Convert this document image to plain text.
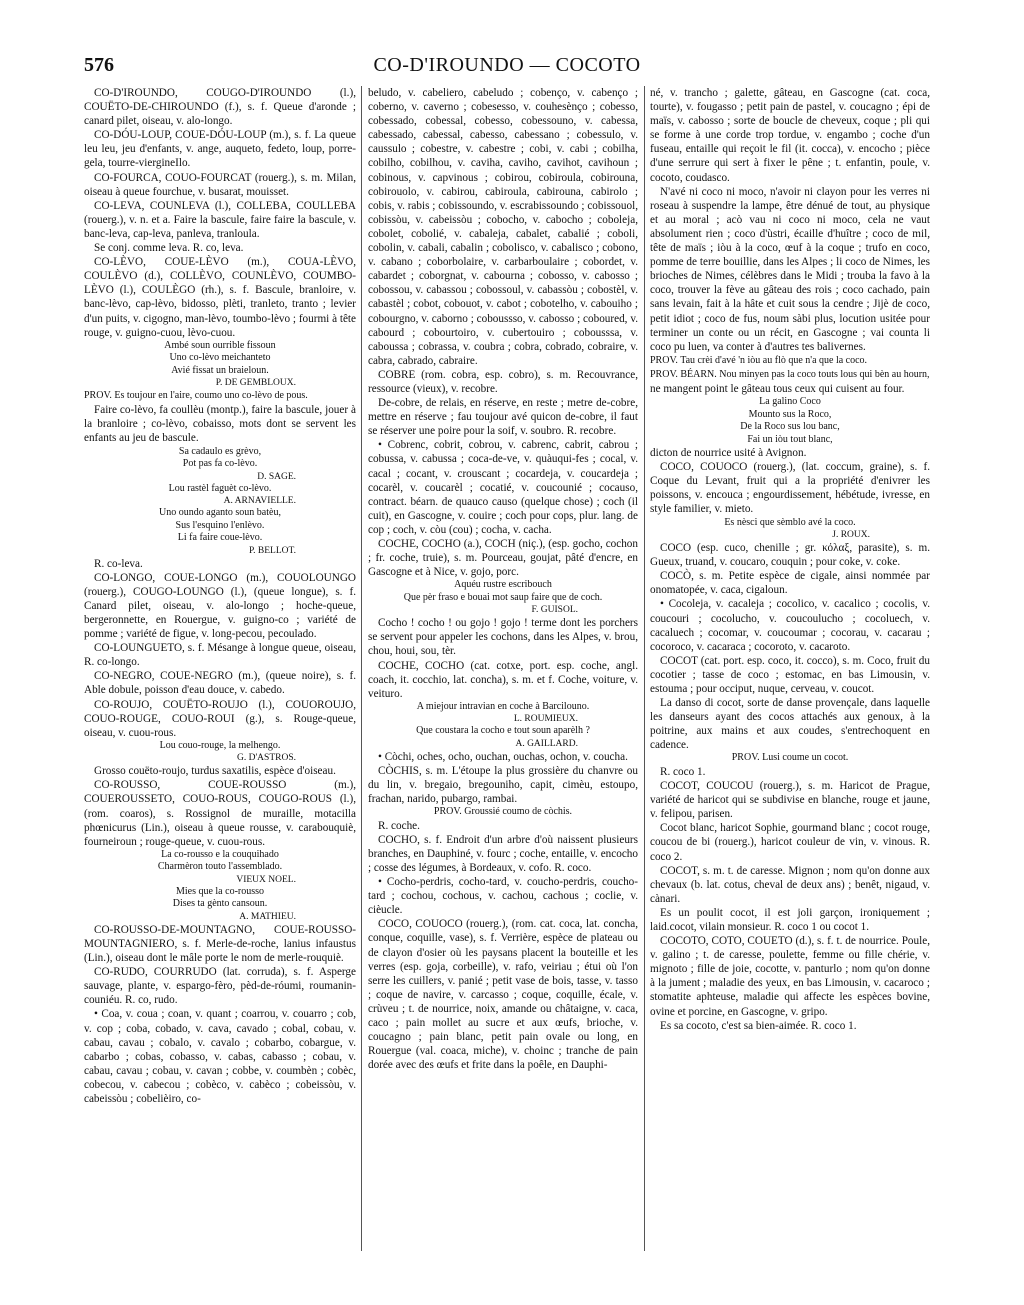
576	CO-D'IROUNDO — COCOTO

CO-D'IROUNDO, COUGO-D'IROUNDO (l.), COUËTO-DE-CHIROUNDO (f.), s. f. Queue d'aronde ; canard pilet, oiseau, v. alo-longo.

CO-DÓU-LOUP, COUE-DÓU-LOUP (m.), s. f. La queue leu leu, jeu d'enfants, v. ange, auqueto, fedeto, loup, porre-gela, tourre-viergineIlo.

CO-FOURCA, COUO-FOURCAT (rouerg.), s. m. Milan, oiseau à queue fourchue, v. busarat, mouisset.

CO-LEVA, COUNLEVA (l.), COLLEBA, COULLEBA (rouerg.), v. n. et a. Faire la bascule, faire faire la bascule, v. banc-leva, cap-leva, panleva, tranloula.

Se conj. comme leva. R. co, leva.

CO-LÈVO, COUE-LÈVO (m.), COUA-LÈVO, COULÈVO (d.), COLLÈVO, COUNLÈVO, COUMBO-LÈVO (l.), COULÈGO (rh.), s. f. Bascule, branloire, v. banc-lèvo, cap-lèvo, bidosso, plèti, tranleto, tranto ; levier d'un puits, v. cigogno, man-lèvo, toumbo-lèvo ; fourmi à tête rouge, v. guigno-cuou, lèvo-cuou.

Ambé soun ourrible fissoun

Uno co-lèvo meichanteto

Avié fissat un braieloun.

P. DE GEMBLOUX.

PROV. Es toujour en l'aire, coumo uno co-lèvo de pous.

Faire co-lèvo, fa coullèu (montp.), faire la bascule, jouer à la branloire ; co-lèvo, cobaisso, mots dont se servent les enfants au jeu de bascule.

Sa cadaulo es grèvo,

Pot pas fa co-lèvo.

D. SAGE.

Lou rastèl faguèt co-lèvo.

A. ARNAVIELLE.

Uno oundo aganto soun batèu,

Sus l'esquino l'enlèvo.

Li fa faire coue-lèvo.

P. BELLOT.

R. co-leva.

CO-LONGO, COUE-LONGO (m.), COUOLOUNGO (rouerg.), COUGO-LOUNGO (l.), (queue longue), s. f. Canard pilet, oiseau, v. alo-longo ; hoche-queue, bergeronnette, en Rouergue, v. guigno-co ; variété de pomme ; variété de figue, v. long-pecou, pecoulado.

CO-LOUNGUETO, s. f. Mésange à longue queue, oiseau, R. co-longo.

CO-NEGRO, COUE-NEGRO (m.), (queue noire), s. f. Able dobule, poisson d'eau douce, v. cabedo.

CO-ROUJO, COUËTO-ROUJO (l.), COUOROUJO, COUO-ROUGE, COUO-ROUI (g.), s. Rouge-queue, oiseau, v. cuou-rous.

Lou couo-rouge, la melhengo.

G. D'ASTROS.

Grosso couëto-roujo, turdus saxatilis, espèce d'oiseau.

CO-ROUSSO, COUE-ROUSSO (m.), COUEROUSSETO, COUO-ROUS, COUGO-ROUS (l.), (rom. coaros), s. Rossignol de muraille, motacilla phœnicurus (Lin.), oiseau à queue rousse, v. carabouquiè, fourneiroun ; rouge-queue, v. cuou-rous.

La co-rousso e la couquihado

Charmèron touto l'assemblado.

VIEUX NOEL.

Mies que la co-rousso

Dises ta gènto cansoun.

A. MATHIEU.

CO-ROUSSO-DE-MOUNTAGNO, COUE-ROUSSO-MOUNTAGNIERO, s. f. Merle-de-roche, lanius infaustus (Lin.), oiseau dont le mâle porte le nom de merle-rouquiè.

CO-RUDO, COURRUDO (lat. corruda), s. f. Asperge sauvage, plante, v. espargo-fèro, pèd-de-róumi, roumanin-couniéu. R. co, rudo.

• Coa, v. coua ; coan, v. quant ; coarrou, v. couarro ; cob, v. cop ; coba, cobado, v. cava, cavado ; cobal, cobau, v. cabau, cavau ; cobalo, v. cavalo ; cobarbo, cobargue, v. cabarbo ; cobas, cobasso, v. cabas, cabasso ; cobau, v. cabau, cavau ; cobau, v. cavan ; cobbe, v. coumbèn ; cobèc, cobecou, v. cabecou ; cobèco, v. cabèco ; cobeissòu, v. cabeissòu ; cobelièiro, co-

beludo, v. cabeliero, cabeludo ; cobenço, v. cabenço ; coberno, v. caverno ; cobesesso, v. couhesènço ; cobesso, cobessado, cobessal, cobesso, cobessouno, v. cabessa, cabessado, cabessal, cabesso, cabessano ; cobessulo, v. caussulo ; cobestre, v. cabestre ; cobi, v. cabi ; cobilha, cobilho, cobilhou, v. caviha, caviho, cavihot, cavihoun ; cobinous, v. capvinous ; cobirou, cobiroula, cobirouna, cobirouolo, v. cabirou, cabiroula, cabirouna, cabirolo ; cobis, v. rabis ; cobissoundo, v. escrabissoundo ; cobissouol, cobissòu, v. cabeissòu ; cobocho, v. cabocho ; coboleja, cobolet, cobolié, v. cabaleja, cabalet, cabalié ; coboli, cobolin, v. cabali, cabalin ; cobolisco, v. cabalisco ; cobono, v. cabano ; coborbolaire, v. carbarboulaire ; cobordet, v. cabardet ; coborgnat, v. cabourna ; cobosso, v. cabosso ; cobossou, v. cabassou ; cobossoul, v. cabassòu ; cobostèl, v. cabastèl ; cobot, cobouot, v. cabot ; cobotelho, v. cabouiho ; cobourgno, v. caborno ; coboussso, v. cabosso ; coboured, v. cabourd ; cobourtoiro, v. cubertouiro ; cobousssa, v. caboussa ; cobrassa, v. coubra ; cobra, cobrado, cobraire, v. cabra, cabrado, cabraire.

COBRE (rom. cobra, esp. cobro), s. m. Recouvrance, ressource (vieux), v. recobre.

De-cobre, de relais, en réserve, en reste ; metre de-cobre, mettre en réserve ; fau toujour avé quicon de-cobre, il faut se réserver une poire pour la soif, v. soubro. R. recobre.

• Cobrenc, cobrit, cobrou, v. cabrenc, cabrit, cabrou ; cobussa, v. cabussa ; coca-de-ve, v. quàuqui-fes ; cocal, v. cacal ; cocant, v. crouscant ; cocardeja, v. coucardeja ; cocarèl, v. coucarèl ; cocatié, v. coucounié ; cocauso, contract. béarn. de quauco causo (quelque chose) ; coch (il cuit), en Gascogne, v. couire ; coch pour cops, plur. lang. de cop ; coch, v. còu (cou) ; cocha, v. cacha.

COCHE, COCHO (a.), COCH (niç.), (esp. gocho, cochon ; fr. coche, truie), s. m. Pourceau, goujat, pâté d'encre, en Gascogne et à Nice, v. gojo, porc.

Aquéu rustre escribouch

Que pèr fraso e bouai mot saup faire que de coch.

F. GUISOL.

Cocho ! cocho ! ou gojo ! gojo ! terme dont les porchers se servent pour appeler les cochons, dans les Alpes, v. brou, chou, houi, sou, tèr.

COCHE, COCHO (cat. cotxe, port. esp. coche, angl. coach, it. cocchio, lat. concha), s. m. et f. Coche, voiture, v. veituro.

A miejour intravian en coche à Barcilouno.

L. ROUMIEUX.

Que coustara la cocho e tout soun aparèlh ?

A. GAILLARD.

• Còchi, oches, ocho, ouchan, ouchas, ochon, v. coucha.

CÒCHIS, s. m. L'étoupe la plus grossière du chanvre ou du lin, v. bregaio, bregouniho, capit, cimèu, estoupo, frachan, narido, pubargo, rambai.

PROV. Groussié coumo de còchis.

R. coche.

COCHO, s. f. Endroit d'un arbre d'où naissent plusieurs branches, en Dauphiné, v. fourc ; coche, entaille, v. encocho ; cosse des légumes, à Bordeaux, v. cofo. R. coco.

• Cocho-perdris, cocho-tard, v. coucho-perdris, coucho-tard ; cochou, cochous, v. cachou, cachous ; coclie, v. cièucle.

COCO, COUOCO (rouerg.), (rom. cat. coca, lat. concha, conque, coquille, vase), s. f. Verrière, espèce de plateau ou de clayon d'osier où les paysans placent la bouteille et les verres (esp. goja, corbeille), v. rafo, veiriau ; étui où l'on serre les cuillers, v. panié ; petit vase de bois, tasse, v. tasso ; coque de navire, v. carcasso ; coque, coquille, écale, v. crùveu ; t. de nourrice, noix, amande ou châtaigne, v. caca, caco ; pain mollet au sucre et aux œufs, brioche, v. coucagno ; pain blanc, petit pain ovale ou long, en Rouergue (val. coaca, miche), v. choinc ; tranche de pain dorée avec des œufs et frite dans la poêle, en Dauphi-

né, v. trancho ; galette, gâteau, en Gascogne (cat. coca, tourte), v. fougasso ; petit pain de pastel, v. coucagno ; épi de maïs, v. cabosso ; sorte de boucle de cheveux, coque ; pli qui se forme à une corde trop tordue, v. engambo ; coche d'un fuseau, entaille qui reçoit le fil (it. cocca), v. encocho ; pièce d'une serrure qui sert à fixer le pêne ; t. enfantin, poule, v. cocoto, coudasco.

N'avé ni coco ni moco, n'avoir ni clayon pour les verres ni roseau à suspendre la lampe, être dénué de tout, au physique et au moral ; acò vau ni coco ni moco, cela ne vaut absolument rien ; coco d'ùstri, écaille d'huître ; coco de mil, tête de maïs ; iòu à la coco, œuf à la coque ; trufo en coco, pomme de terre bouillie, dans les Alpes ; li coco de Nimes, les brioches de Nimes, célèbres dans le Midi ; trouba la favo à la coco, trouver la fève au gâteau des rois ; coco cachado, pain sans levain, fait à la hâte et cuit sous la cendre ; Jijè de coco, petit idiot ; coco de fus, noum sàbi plus, locution usitée pour terminer un conte ou un récit, en Gascogne ; vai counta li coco pu luen, va conter à d'autres tes balivernes.

PROV. Tau crèi d'avé 'n iòu au flò que n'a que la coco.

PROV. BÉARN. Nou minyen pas la coco touts lous qui bèn au hourn,

ne mangent point le gâteau tous ceux qui cuisent au four.

La galino Coco

Mounto sus la Roco,

De la Roco sus lou banc,

Fai un iòu tout blanc,

dicton de nourrice usité à Avignon.

COCO, COUOCO (rouerg.), (lat. coccum, graine), s. f. Coque du Levant, fruit qui a la propriété d'enivrer les poissons, v. encouca ; engourdissement, hébétude, ivresse, en style familier, v. mieto.

Es nèsci que sèmblo avé la coco.

J. ROUX.

COCO (esp. cuco, chenille ; gr. κόλαξ, parasite), s. m. Gueux, truand, v. coucaro, couquin ; pour coke, v. coke.

COCÒ, s. m. Petite espèce de cigale, ainsi nommée par onomatopée, v. caca, cigaloun.

• Cocoleja, v. cacaleja ; cocolico, v. cacalico ; cocolis, v. coucouri ; cocoluchо, v. coucoulucho ; cocoluech, v. cacaluech ; cocomar, v. coucoumar ; cocorau, v. cacarau ; cocoroco, v. cacaraca ; cocoroto, v. cacaroto.

COCOT (cat. port. esp. coco, it. cocco), s. m. Coco, fruit du cocotier ; tasse de coco ; estomac, en bas Limousin, v. estouma ; pour occiput, nuque, cerveau, v. coucot.

La danso di cocot, sorte de danse provençale, dans laquelle les danseurs ayant des cocos attachés aux genoux, à la poitrine, aux mains et aux coudes, s'entrechoquent en cadence.

PROV. Lusi coume un cocot.

R. coco 1.

COCOT, COUCOU (rouerg.), s. m. Haricot de Prague, variété de haricot qui se subdivise en blanche, rouge et jaune, v. felipou, parisen.

Cocot blanc, haricot Sophie, gourmand blanc ; cocot rouge, coucou de bi (rouerg.), haricot couleur de vin, v. vinous. R. coco 2.

COCOT, s. m. t. de caresse. Mignon ; nom qu'on donne aux chevaux (b. lat. cotus, cheval de deux ans) ; benêt, nigaud, v. cànari.

Es un poulit cocot, il est joli garçon, ironiquement ; laid.cocot, vilain monsieur. R. coco 1 ou cocot 1.

COCOTO, COTO, COUETO (d.), s. f. t. de nourrice. Poule, v. galino ; t. de caresse, poulette, femme ou fille chérie, v. mignoto ; fille de joie, cocotte, v. panturlo ; nom qu'on donne à la jument ; maladie des yeux, en bas Limousin, v. cacaroco ; stomatite aphteuse, maladie qui affecte les espèces bovine, ovine et porcine, en Gascogne, v. gripo.

Es sa cocoto, c'est sa bien-aimée. R. coco 1.
